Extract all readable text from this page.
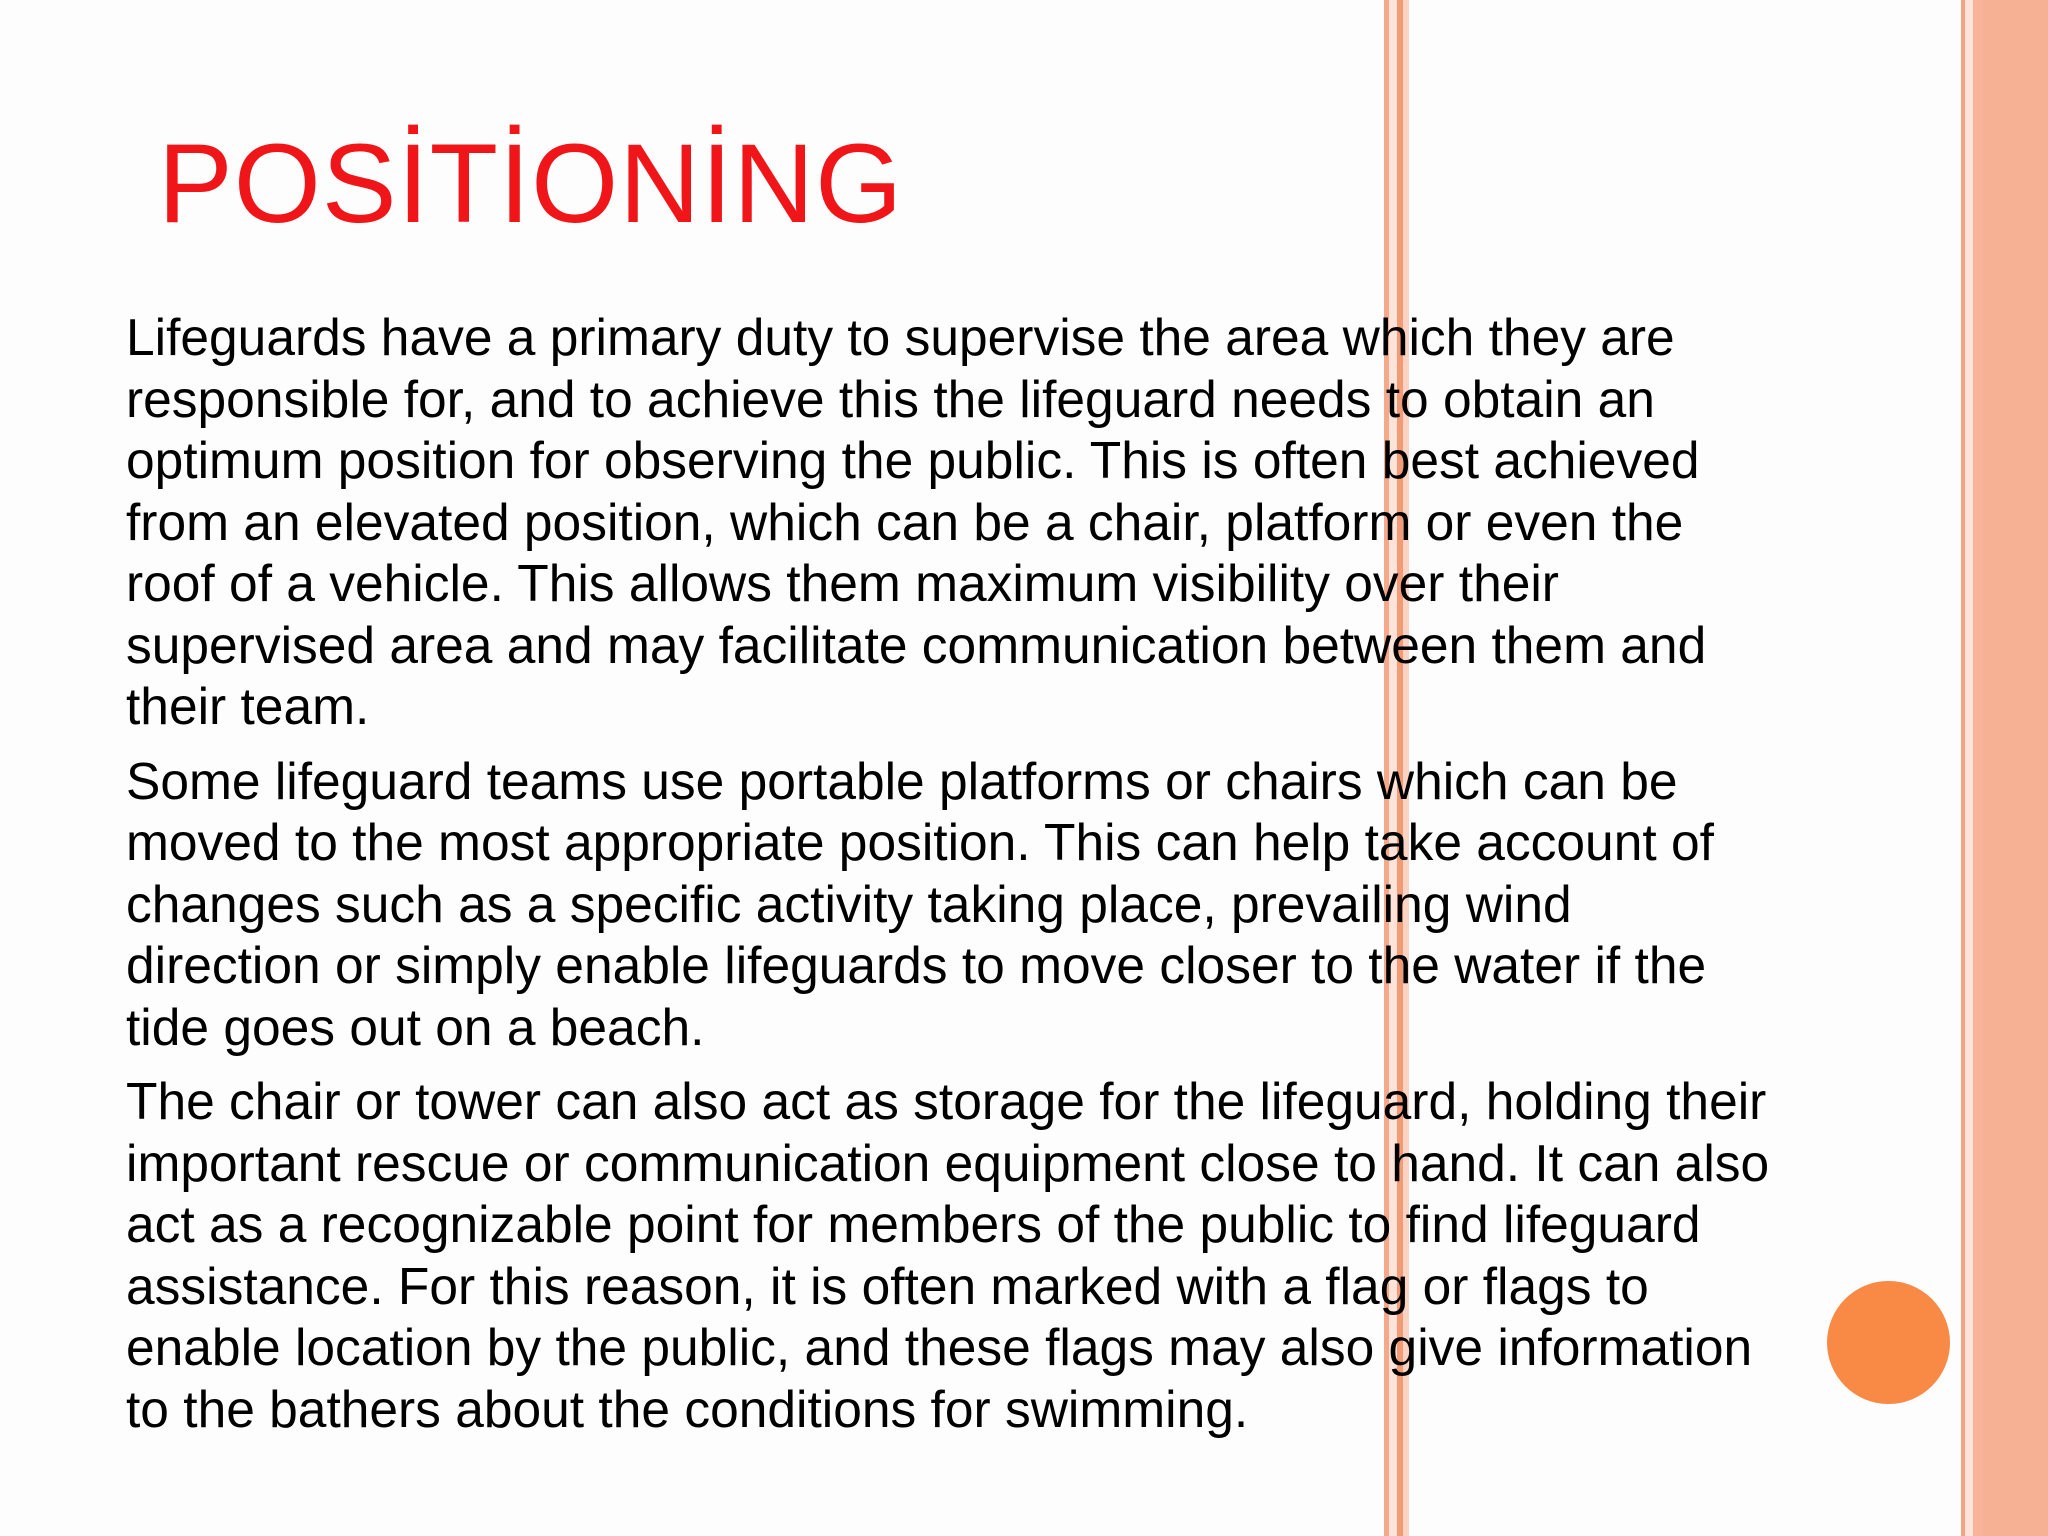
POSİTİONİNG

Lifeguards have a primary duty to supervise the area which they are
responsible for, and to achieve this the lifeguard needs to obtain an
optimum position for observing the public. This is often best achieved
from an elevated position, which can be a chair, platform or even the
roof of a vehicle. This allows them maximum visibility over their
supervised area and may facilitate communication between them and
their team.

Some lifeguard teams use portable platforms or chairs which can be
moved to the most appropriate position. This can help take account of
changes such as a specific activity taking place, prevailing wind
direction or simply enable lifeguards to move closer to the water if the
tide goes out on a beach.

The chair or tower can also act as storage for the lifeguard, holding their
important rescue or communication equipment close to hand. It can also
act as a recognizable point for members of the public to find lifeguard
assistance. For this reason, it is often marked with a flag or flags to
enable location by the public, and these flags may also give information
to the bathers about the conditions for swimming.
